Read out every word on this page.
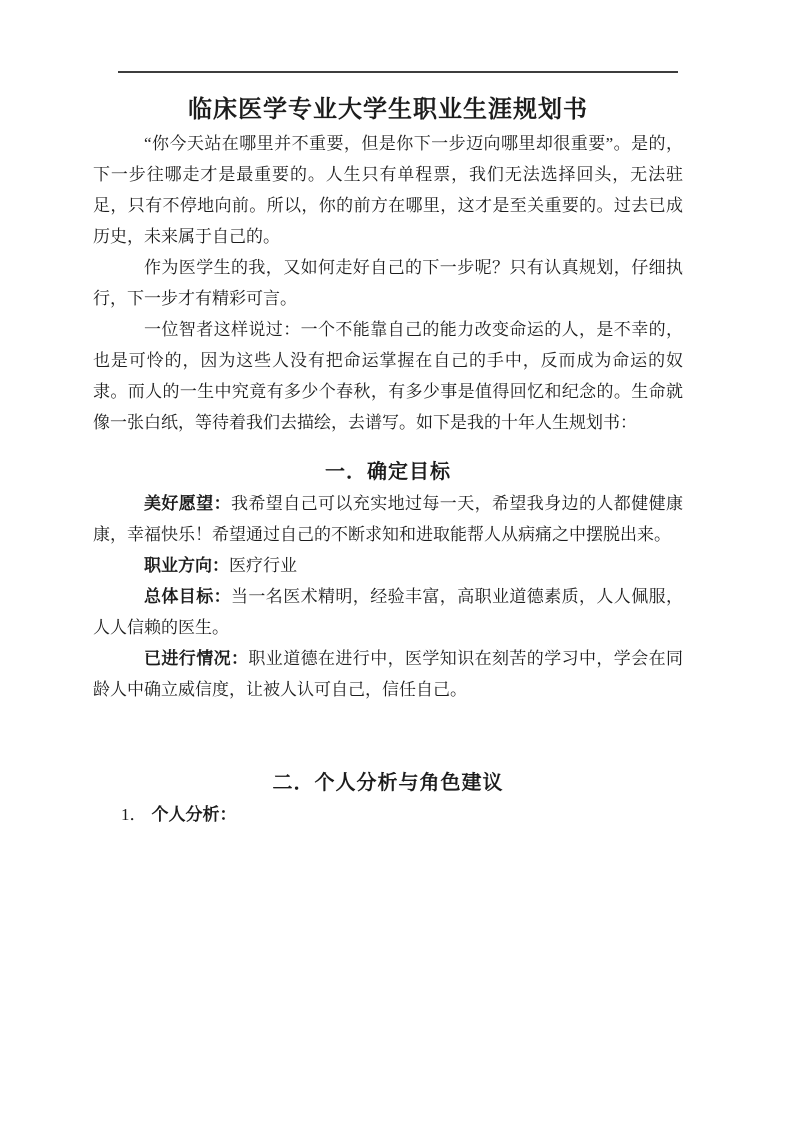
临床医学专业大学生职业生涯规划书

“你今天站在哪里并不重要，但是你下一步迈向哪里却很重要”。是的，下一步往哪走才是最重要的。人生只有单程票，我们无法选择回头，无法驻足，只有不停地向前。所以，你的前方在哪里，这才是至关重要的。过去已成历史，未来属于自己的。

作为医学生的我，又如何走好自己的下一步呢？只有认真规划，仔细执行，下一步才有精彩可言。

一位智者这样说过：一个不能靠自己的能力改变命运的人，是不幸的，也是可怜的，因为这些人没有把命运掌握在自己的手中，反而成为命运的奴隶。而人的一生中究竟有多少个春秋，有多少事是值得回忆和纪念的。生命就像一张白纸，等待着我们去描绘，去谱写。如下是我的十年人生规划书：

一．确定目标

美好愿望：我希望自己可以充实地过每一天，希望我身边的人都健健康康，幸福快乐！希望通过自己的不断求知和进取能帮人从病痛之中摆脱出来。

职业方向：医疗行业

总体目标：当一名医术精明，经验丰富，高职业道德素质，人人佩服，人人信赖的医生。

已进行情况：职业道德在进行中，医学知识在刻苦的学习中，学会在同龄人中确立威信度，让被人认可自己，信任自己。

二．个人分析与角色建议

1． 个人分析：
